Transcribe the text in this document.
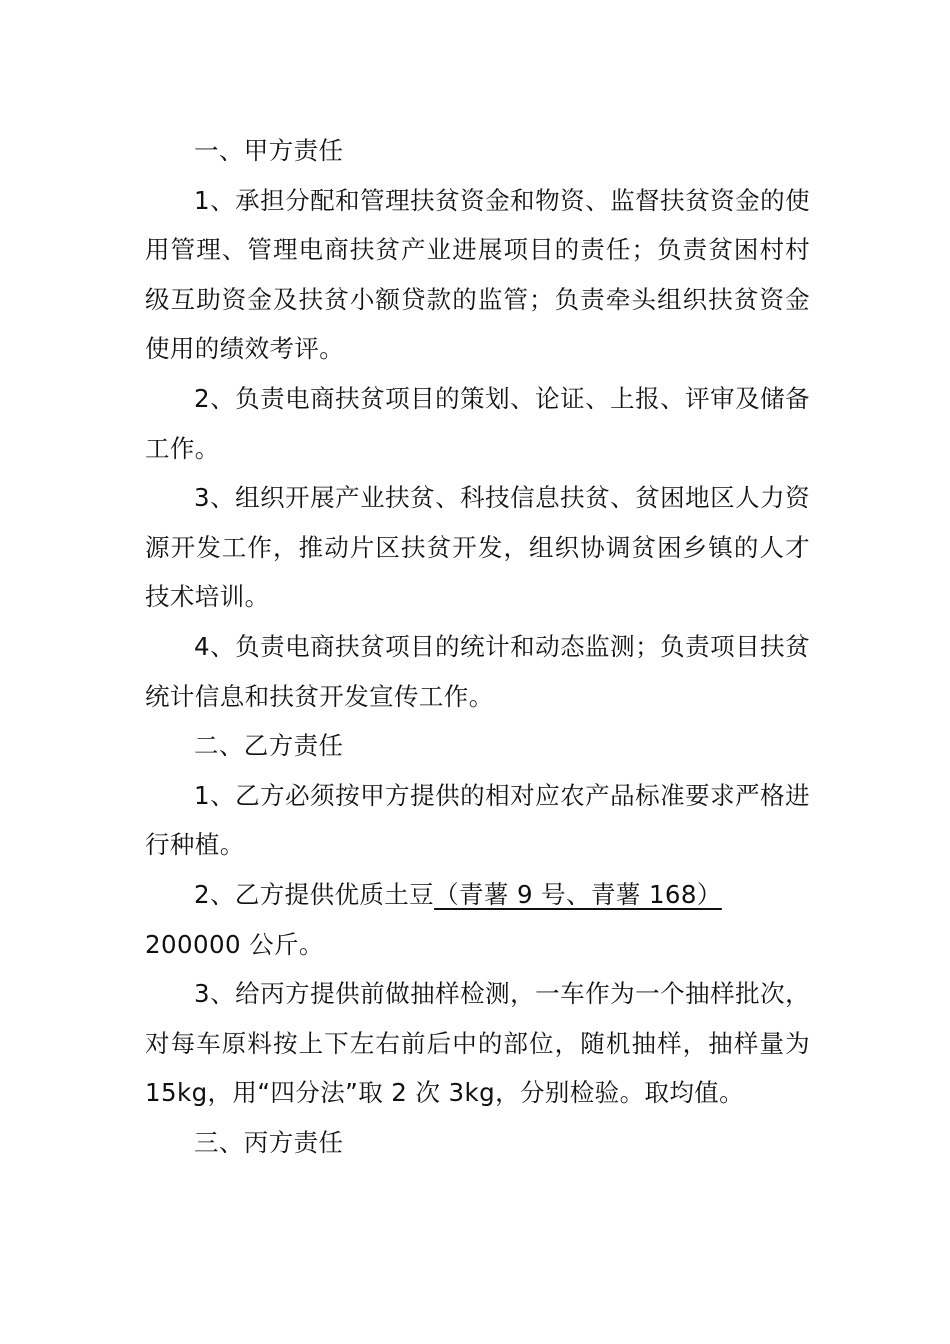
一、甲方责任

1、承担分配和管理扶贫资金和物资、监督扶贫资金的使用管理、管理电商扶贫产业进展项目的责任；负责贫困村村级互助资金及扶贫小额贷款的监管；负责牵头组织扶贫资金使用的绩效考评。

2、负责电商扶贫项目的策划、论证、上报、评审及储备工作。

3、组织开展产业扶贫、科技信息扶贫、贫困地区人力资源开发工作，推动片区扶贫开发，组织协调贫困乡镇的人才技术培训。

4、负责电商扶贫项目的统计和动态监测；负责项目扶贫统计信息和扶贫开发宣传工作。

二、乙方责任

1、乙方必须按甲方提供的相对应农产品标准要求严格进行种植。

2、乙方提供优质土豆（青薯 9 号、青薯 168）
200000 公斤。

3、给丙方提供前做抽样检测，一车作为一个抽样批次，对每车原料按上下左右前后中的部位，随机抽样，抽样量为 15kg，用“四分法”取 2 次 3kg，分别检验。取均值。

三、丙方责任
